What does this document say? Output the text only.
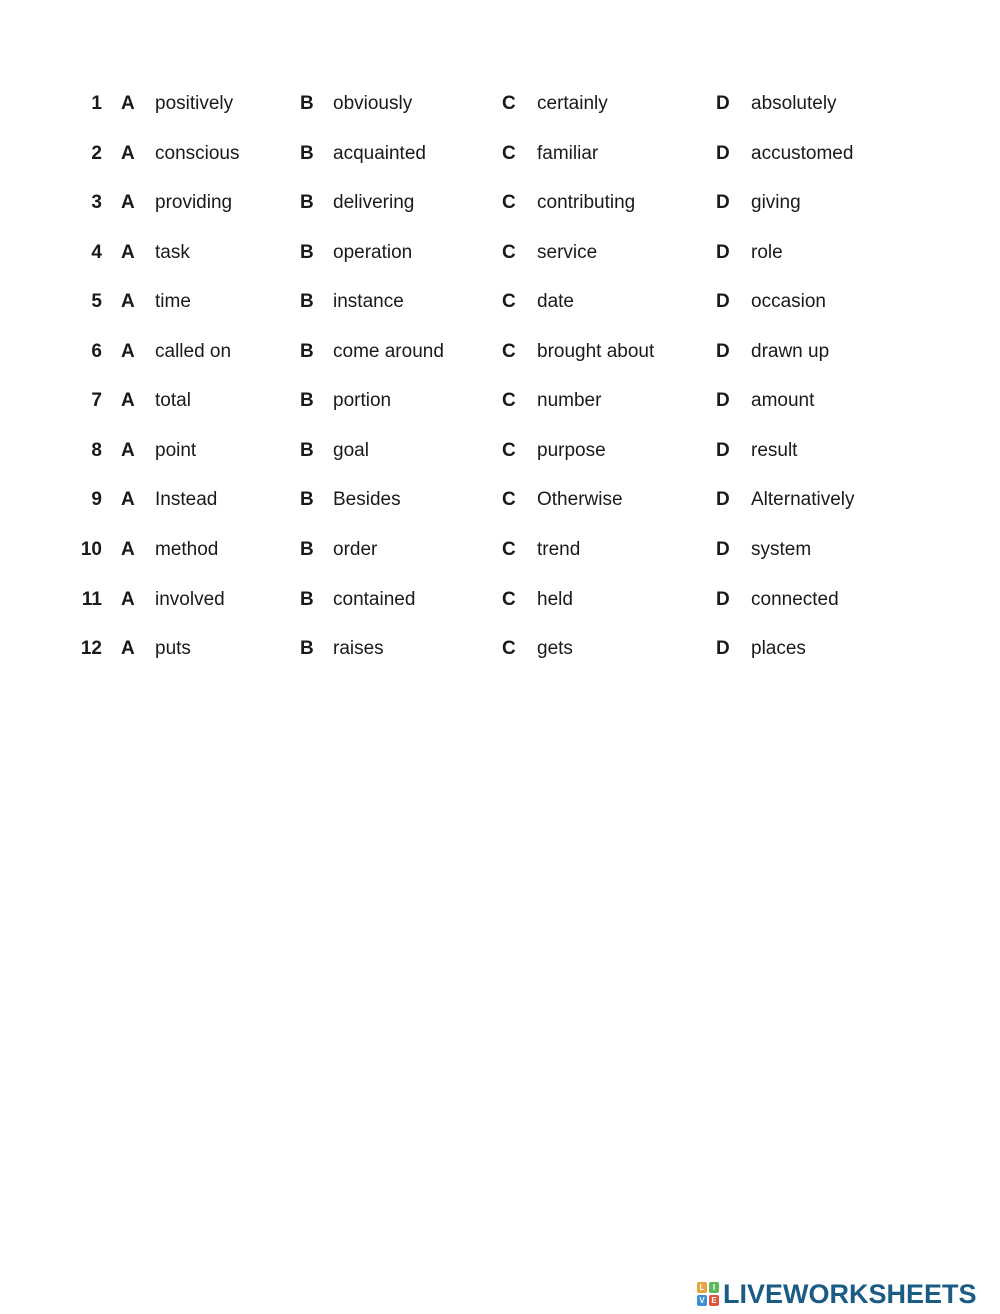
1 A positively	B obviously	C certainly	D absolutely
2 A conscious	B acquainted	C familiar	D accustomed
3 A providing	B delivering	C contributing	D giving
4 A task	B operation	C service	D role
5 A time	B instance	C date	D occasion
6 A called on	B come around	C brought about	D drawn up
7 A total	B portion	C number	D amount
8 A point	B goal	C purpose	D result
9 A Instead	B Besides	C Otherwise	D Alternatively
10 A method	B order	C trend	D system
11 A involved	B contained	C held	D connected
12 A puts	B raises	C gets	D places
L	I
V E LIVEWORKSHEETS
